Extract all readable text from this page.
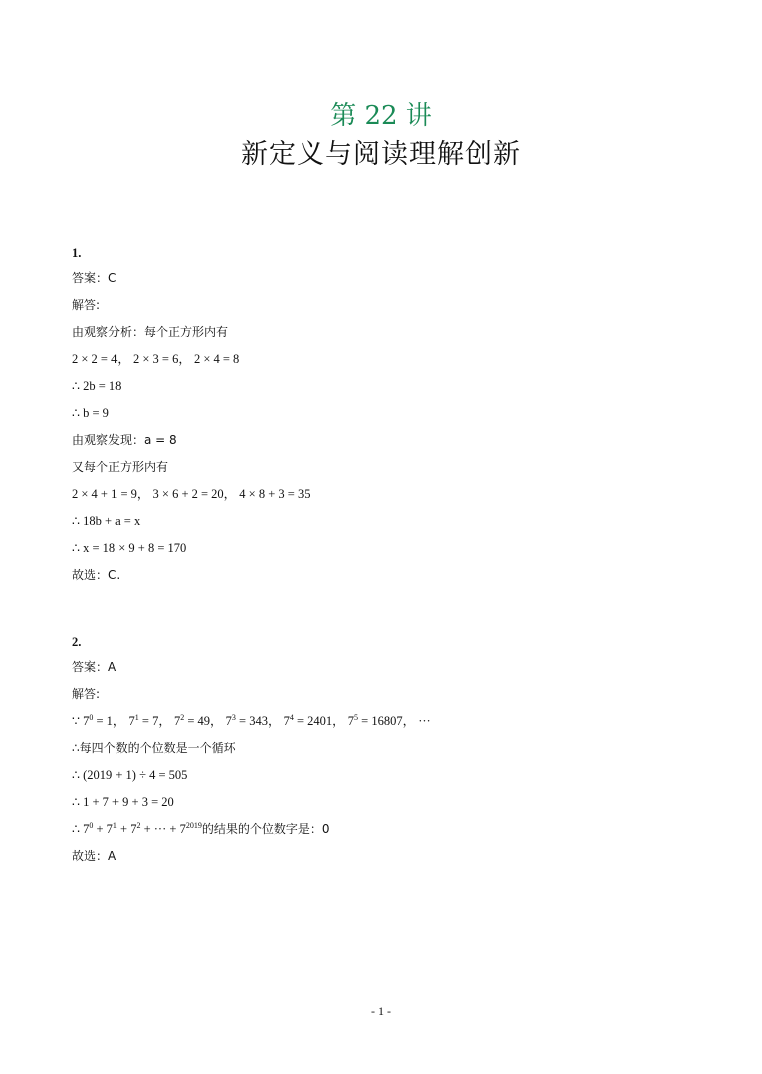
第 22 讲
新定义与阅读理解创新
1.
答案：C
解答:
由观察分析：每个正方形内有
2 × 2 = 4， 2 × 3 = 6， 2 × 4 = 8
∴ 2b = 18
∴ b = 9
由观察发现：a = 8
又每个正方形内有
2 × 4 + 1 = 9， 3 × 6 + 2 = 20， 4 × 8 + 3 = 35
∴ 18b + a = x
∴ x = 18 × 9 + 8 = 170
故选：C.
2.
答案：A
解答:
∵ $7^0 = 1$， $7^1 = 7$， $7^2 = 49$， $7^3 = 343$， $7^4 = 2401$， $7^5 = 16807$， ···
∴每四个数的个位数是一个循环
∴ (2019 + 1) ÷ 4 = 505
∴ 1 + 7 + 9 + 3 = 20
∴ $7^0 + 7^1 + 7^2$ + ··· + $7^{2019}$的结果的个位数字是：0
故选：A
- 1 -
